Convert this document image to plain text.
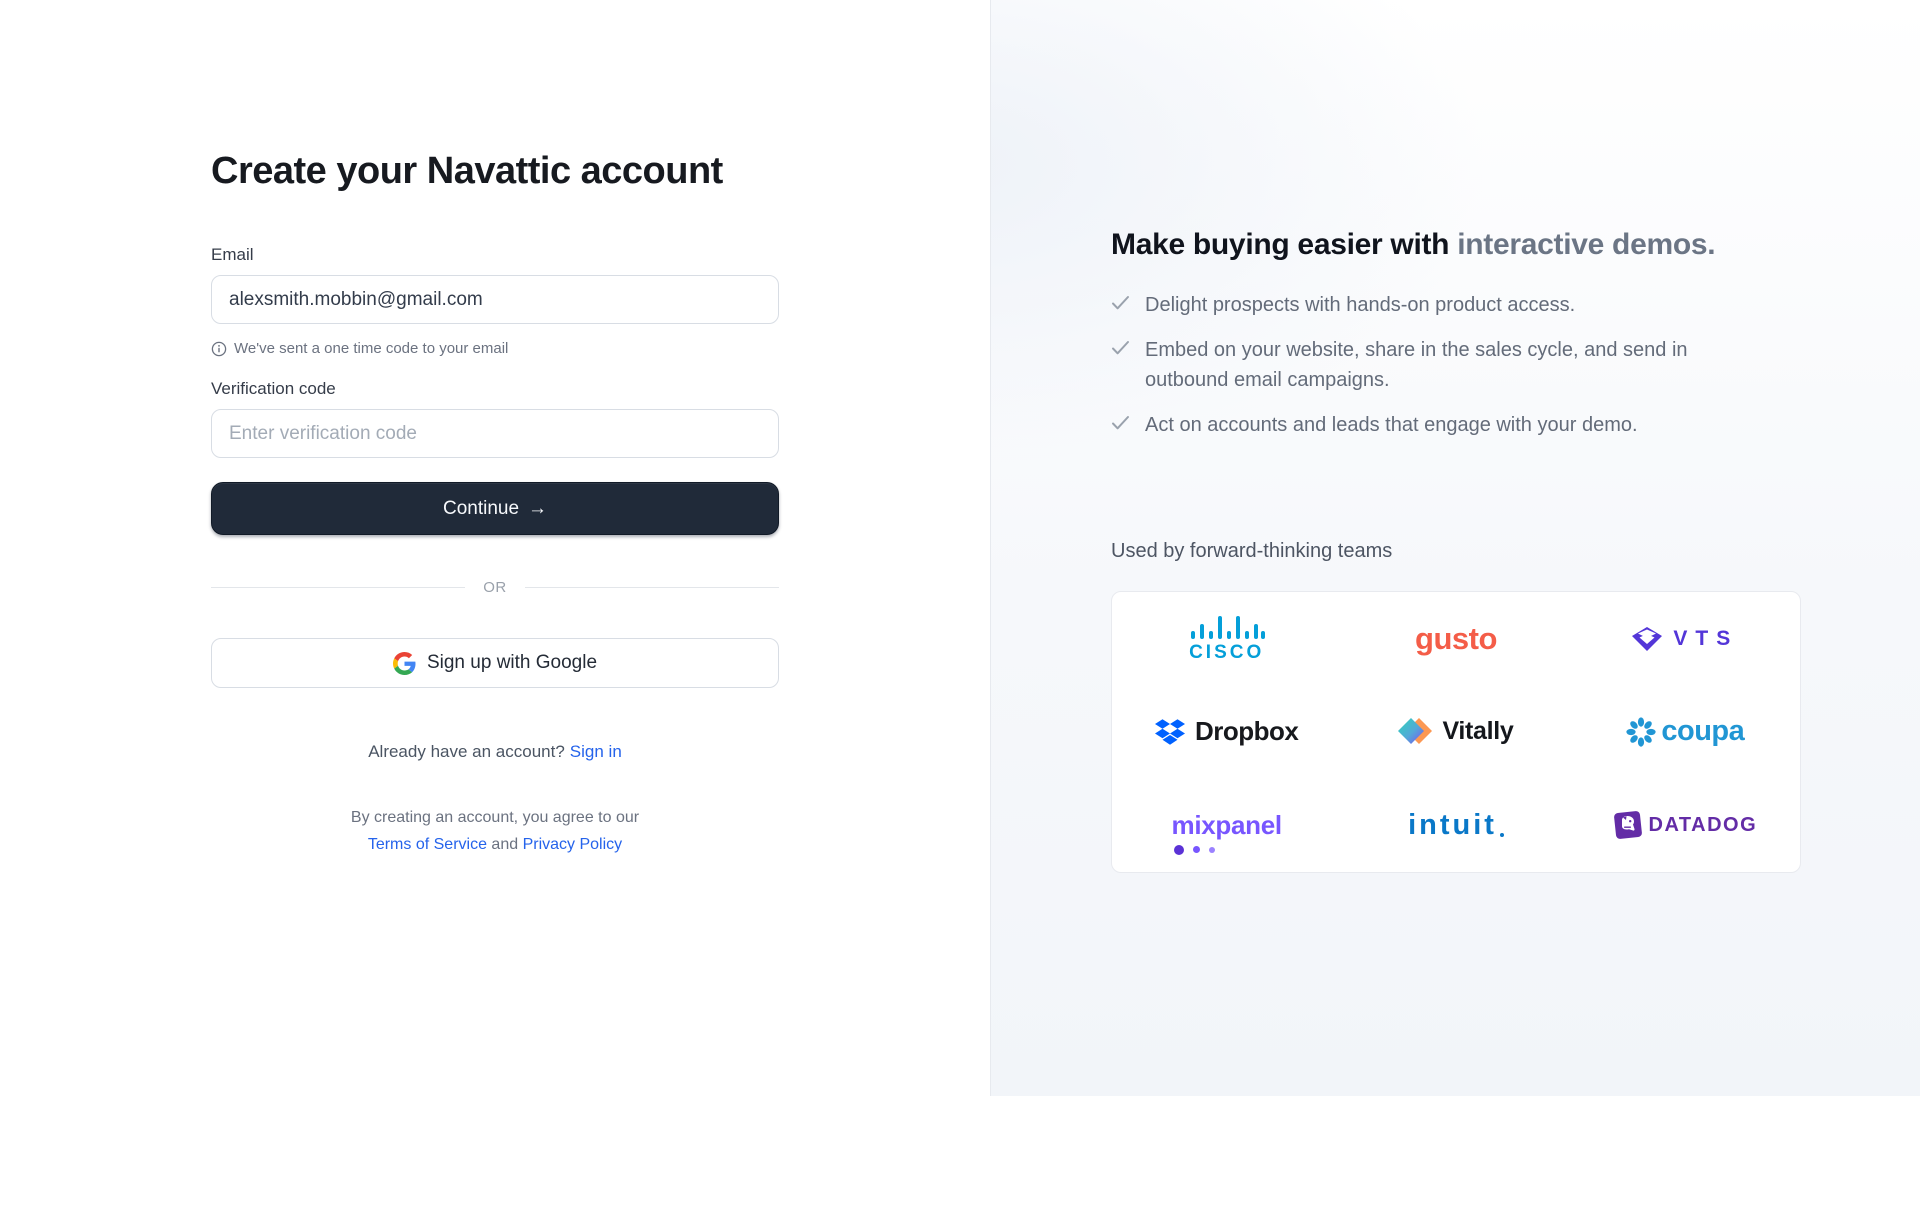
Create your Navattic account
Email
alexsmith.mobbin@gmail.com
We've sent a one time code to your email
Verification code
Enter verification code
Continue →
OR
Sign up with Google
Already have an account? Sign in
By creating an account, you agree to our
Terms of Service and Privacy Policy
Make buying easier with interactive demos.
Delight prospects with hands-on product access.
Embed on your website, share in the sales cycle, and send in outbound email campaigns.
Act on accounts and leads that engage with your demo.
Used by forward-thinking teams
CISCO	gusto	VTS
Dropbox	Vitally	coupa
mixpanel	intuit	DATADOG
